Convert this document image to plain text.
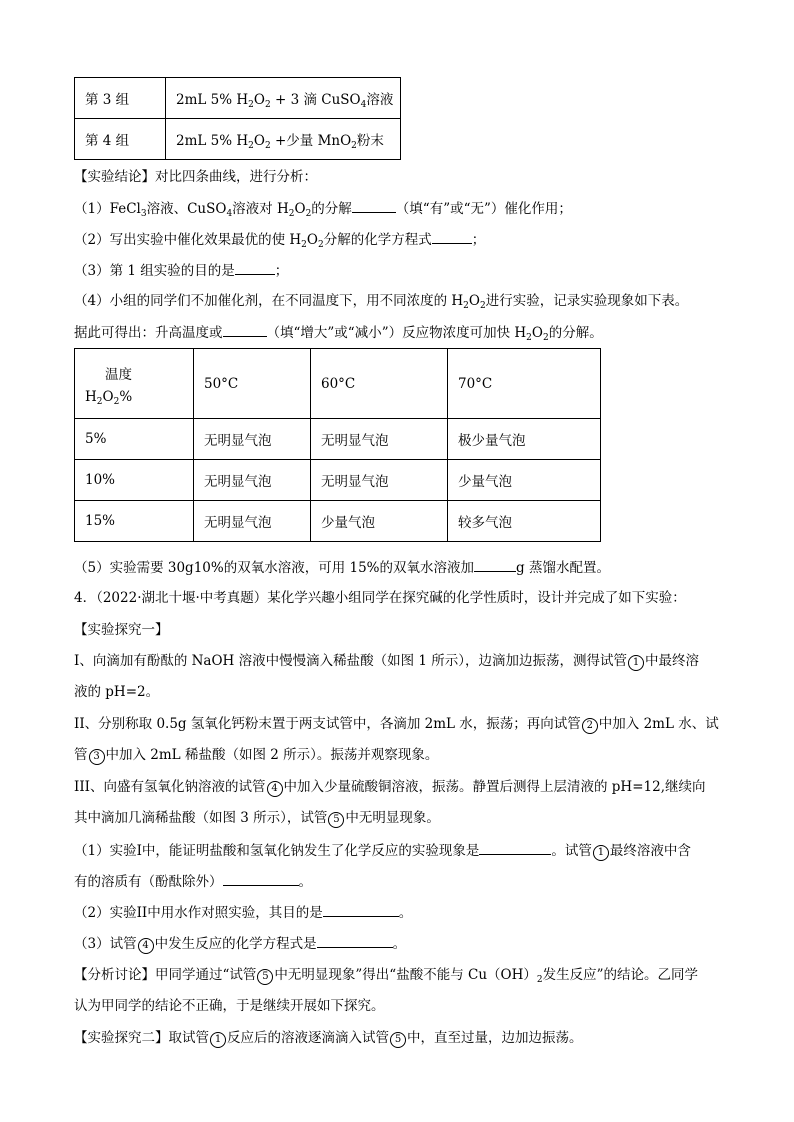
第 3 组	2mL 5% $H_2O_2 + 3$ 滴 CuSO$_4$溶液
第 4 组	2mL 5% $H_2O_2$ +少量 MnO$_2$粉末
【实验结论】对比四条曲线，进行分析：
（1）FeCl$_3$溶液、CuSO$_4$溶液对 $H_2O_2$的分解	（填“有”或“无”）催化作用；
（2）写出实验中催化效果最优的使 $H_2O_2$分解的化学方程式	；
（3）第 1 组实验的目的是	；
（4）小组的同学们不加催化剂，在不同温度下，用不同浓度的 $H_2O_2$进行实验，记录实验现象如下表。
据此可得出：升高温度或	（填“增大”或“减小”）反应物浓度可加快 $H_2O_2$的分解。
温度
$H_2O_2\%$	50°C	60°C	70°C
5%	无明显气泡	无明显气泡	极少量气泡
10%	无明显气泡	无明显气泡	少量气泡
15%	无明显气泡	少量气泡	较多气泡
（5）实验需要 30g10%的双氧水溶液，可用 15%的双氧水溶液加	g 蒸馏水配置。
4．（2022·湖北十堰·中考真题）某化学兴趣小组同学在探究碱的化学性质时，设计并完成了如下实验：
【实验探究一】
I、向滴加有酚酞的 NaOH 溶液中慢慢滴入稀盐酸（如图 1 所示），边滴加边振荡，测得试管 1 中最终溶
液的 pH=2。
II、分别称取 0.5g 氢氧化钙粉末置于两支试管中，各滴加 2mL 水，振荡；再向试管 2 中加入 2mL 水、试
管 3 中加入 2mL 稀盐酸（如图 2 所示）。振荡并观察现象。
III、向盛有氢氧化钠溶液的试管 4 中加入少量硫酸铜溶液，振荡。静置后测得上层清液的 pH=12,继续向
其中滴加几滴稀盐酸（如图 3 所示），试管 5 中无明显现象。
（1）实验I中，能证明盐酸和氢氧化钠发生了化学反应的实验现象是	。试管 1 最终溶液中含
有的溶质有（酚酞除外）	。
（2）实验II中用水作对照实验，其目的是	。
（3）试管 4 中发生反应的化学方程式是	。
【分析讨论】甲同学通过“试管 5 中无明显现象”得出“盐酸不能与 $Cu(OH)_2$发生反应”的结论。乙同学
认为甲同学的结论不正确，于是继续开展如下探究。
【实验探究二】取试管 1 反应后的溶液逐滴滴入试管 5 中，直至过量，边加边振荡。
